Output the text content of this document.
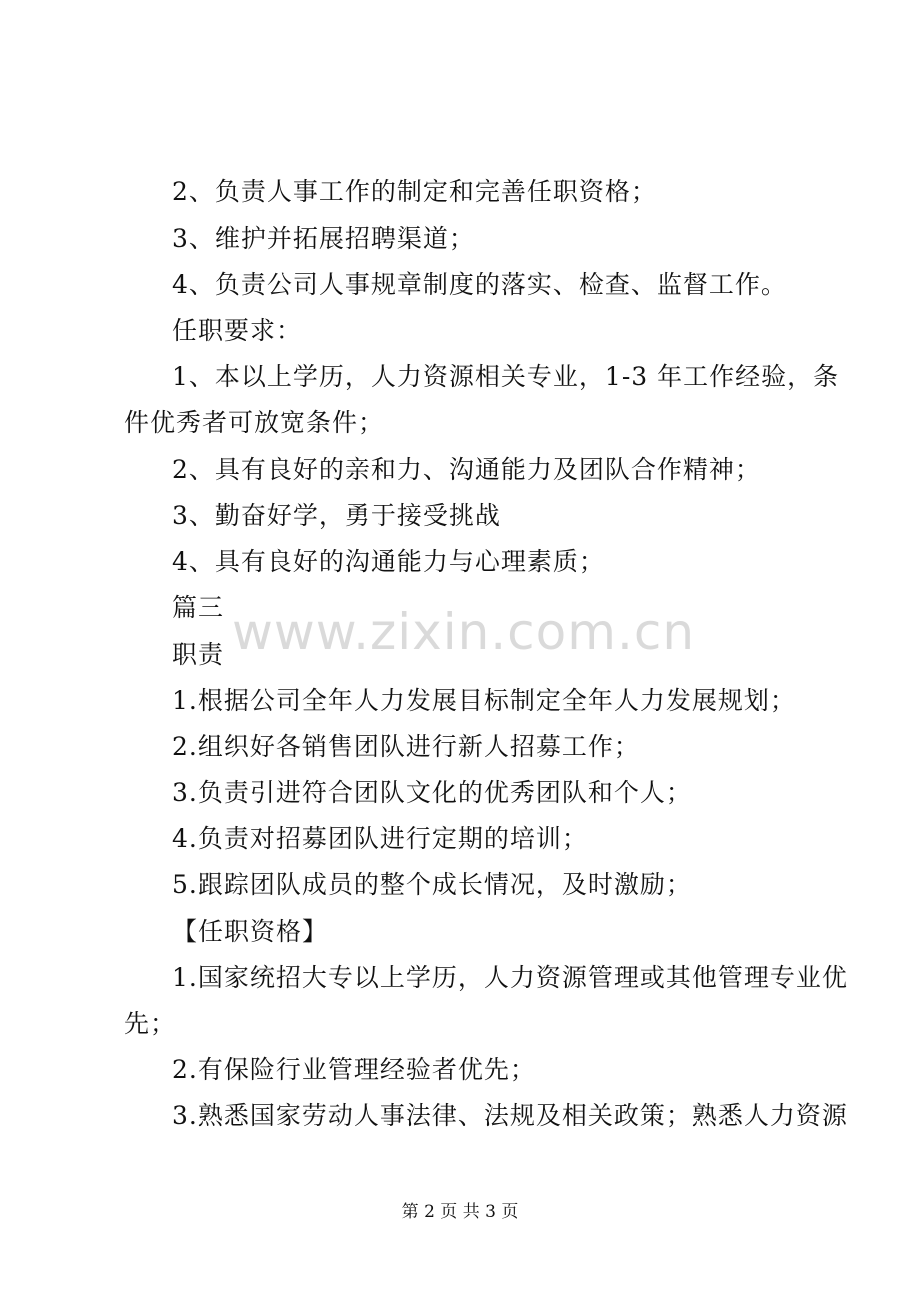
2、负责人事工作的制定和完善任职资格；
3、维护并拓展招聘渠道；
4、负责公司人事规章制度的落实、检查、监督工作。
任职要求：
1、本以上学历，人力资源相关专业，1-3 年工作经验，条
件优秀者可放宽条件；
2、具有良好的亲和力、沟通能力及团队合作精神；
3、勤奋好学，勇于接受挑战
4、具有良好的沟通能力与心理素质；
篇三
职责
1.根据公司全年人力发展目标制定全年人力发展规划；
2.组织好各销售团队进行新人招募工作；
3.负责引进符合团队文化的优秀团队和个人；
4.负责对招募团队进行定期的培训；
5.跟踪团队成员的整个成长情况，及时激励；
【任职资格】
1.国家统招大专以上学历，人力资源管理或其他管理专业优
先；
2.有保险行业管理经验者优先；
3.熟悉国家劳动人事法律、法规及相关政策；熟悉人力资源
www.zixin.com.cn
第 2 页 共 3 页
